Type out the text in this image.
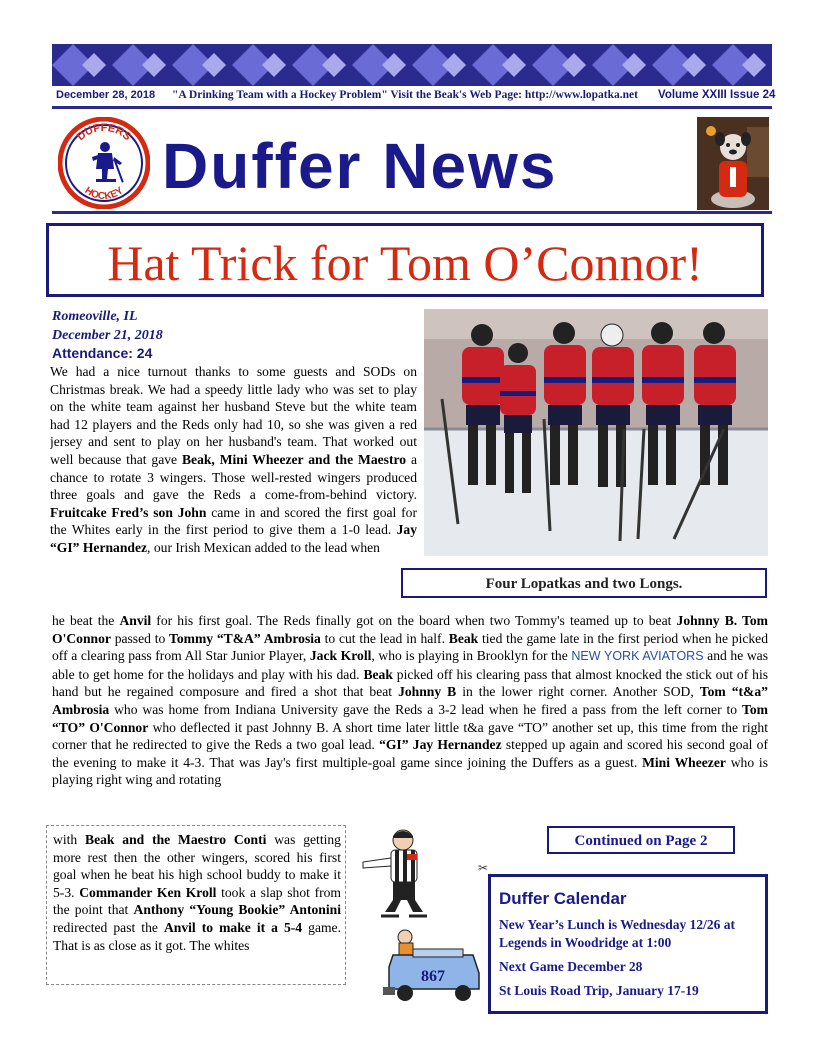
December 28, 2018 "A Drinking Team with a Hockey Problem" Visit the Beak's Web Page: http://www.lopatka.net Volume XXIII Issue 24
DUFFERS
HOCKEY Duffer News
Hat Trick for Tom O’Connor!
Romeoville, IL
December 21, 2018
Attendance: 24
We had a nice turnout thanks to some guests and SODs on Christmas break. We had a speedy little lady who was set to play on the white team against her husband Steve but the white team had 12 players and the Reds only had 10, so she was given a red jersey and sent to play on her husband's team. That worked out well because that gave Beak, Mini Wheezer and the Maestro a chance to rotate 3 wingers. Those well-rested wingers produced three goals and gave the Reds a come-from-behind victory. Fruitcake Fred’s son John came in and scored the first goal for the Whites early in the first period to give them a 1-0 lead. Jay “GI” Hernandez, our Irish Mexican added to the lead when
Four Lopatkas and two Longs.
he beat the Anvil for his first goal. The Reds finally got on the board when two Tommy's teamed up to beat Johnny B. Tom O'Connor passed to Tommy “T&A” Ambrosia to cut the lead in half. Beak tied the game late in the first period when he picked off a clearing pass from All Star Junior Player, Jack Kroll, who is playing in Brooklyn for the NEW YORK AVIATORS and he was able to get home for the holidays and play with his dad. Beak picked off his clearing pass that almost knocked the stick out of his hand but he regained composure and fired a shot that beat Johnny B in the lower right corner. Another SOD, Tom “t&a” Ambrosia who was home from Indiana University gave the Reds a 3-2 lead when he fired a pass from the left corner to Tom “TO” O'Connor who deflected it past Johnny B. A short time later little t&a gave “TO” another set up, this time from the right corner that he redirected to give the Reds a two goal lead. “GI” Jay Hernandez stepped up again and scored his second goal of the evening to make it 4-3. That was Jay's first multiple-goal game since joining the Duffers as a guest. Mini Wheezer who is playing right wing and rotating
with Beak and the Maestro Conti was getting more rest then the other wingers, scored his first goal when he beat his high school buddy to make it 5-3. Commander Ken Kroll took a slap shot from the point that Anthony “Young Bookie” Antonini redirected past the Anvil to make it a 5-4 game. That is as close as it got. The whites
867
Continued on Page 2
✂
Duffer Calendar
New Year’s Lunch is Wednesday 12/26 at Legends in Woodridge at 1:00
Next Game December 28
St Louis Road Trip, January 17-19
